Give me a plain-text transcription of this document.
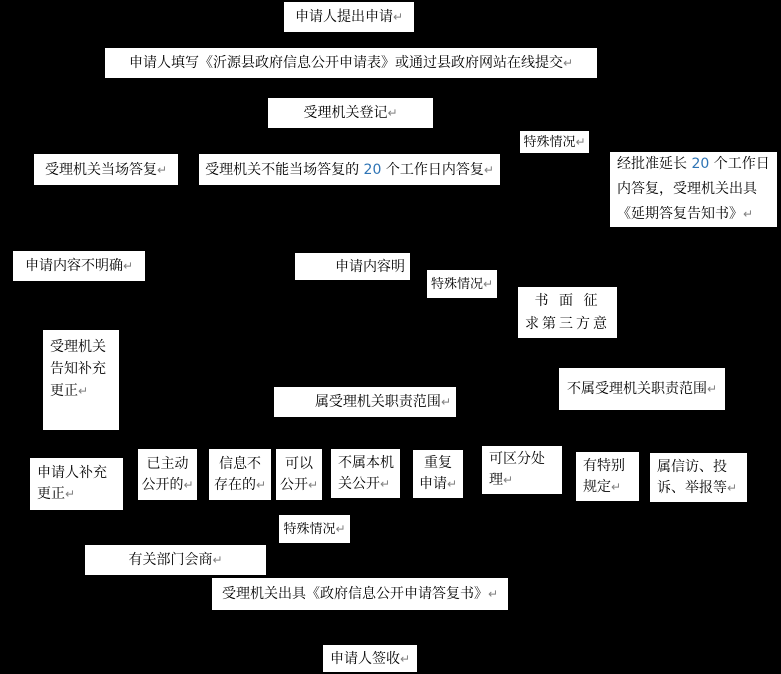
申请人提出申请↵
申请人填写《沂源县政府信息公开申请表》或通过县政府网站在线提交↵
受理机关登记↵
特殊情况↵
受理机关当场答复↵	受理机关不能当场答复的 20 个工作日内答复↵	经批准延长 20 个工作日
内答复，受理机关出具
《延期答复告知书》↵
申请内容不明确↵	申请内容明
特殊情况↵
书 面 征
求第三方意
受理机关
告知补充
更正↵
属受理机关职责范围↵
不属受理机关职责范围↵
申请人补充
更正↵
已主动
公开的↵
信息不
存在的↵
可以
公开↵
不属本机
关公开↵
重复
申请↵
可区分处
理↵
有特别
规定↵
属信访、投
诉、举报等↵
特殊情况↵
有关部门会商↵
受理机关出具《政府信息公开申请答复书》↵
申请人签收↵
